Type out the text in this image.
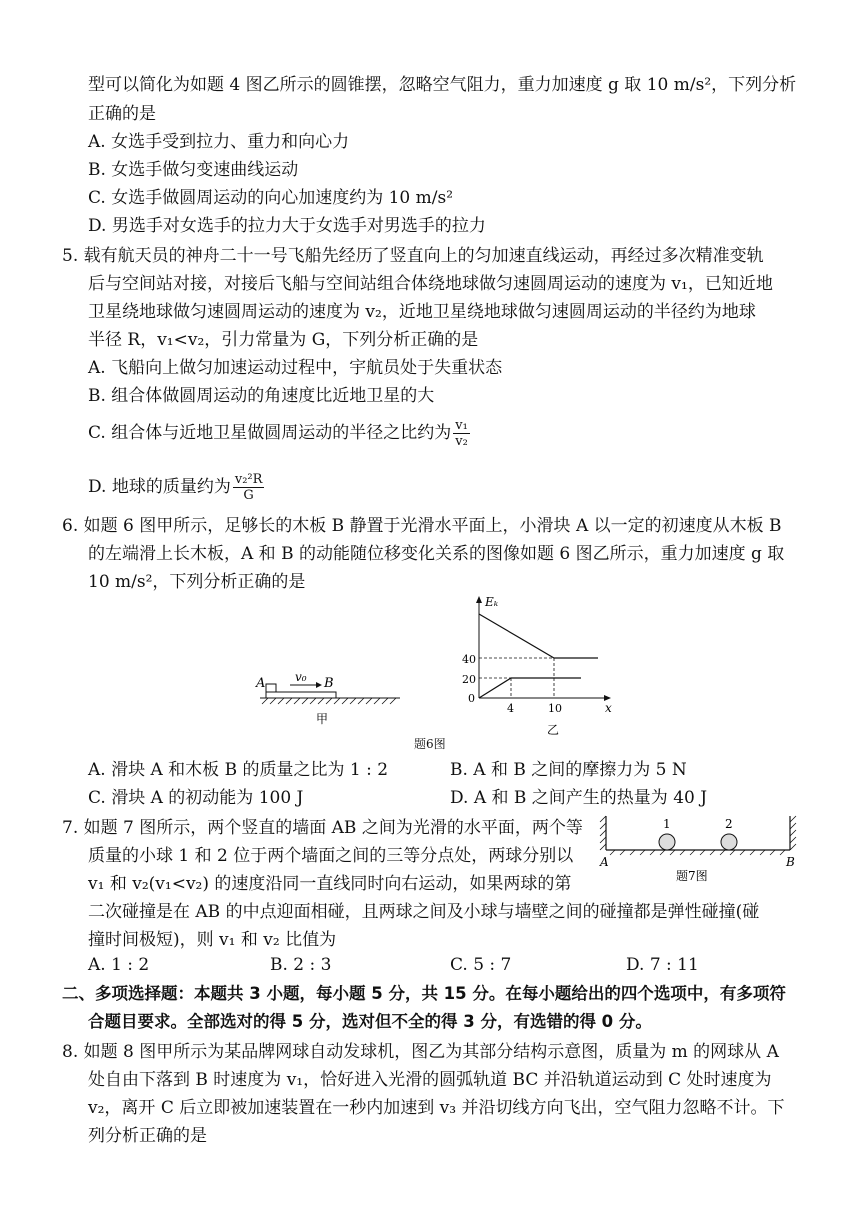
型可以简化为如题 4 图乙所示的圆锥摆，忽略空气阻力，重力加速度 g 取 10 m/s²，下列分析
正确的是
A. 女选手受到拉力、重力和向心力
B. 女选手做匀变速曲线运动
C. 女选手做圆周运动的向心加速度约为 10 m/s²
D. 男选手对女选手的拉力大于女选手对男选手的拉力
5. 载有航天员的神舟二十一号飞船先经历了竖直向上的匀加速直线运动，再经过多次精准变轨
后与空间站对接，对接后飞船与空间站组合体绕地球做匀速圆周运动的速度为 v₁，已知近地
卫星绕地球做匀速圆周运动的速度为 v₂，近地卫星绕地球做匀速圆周运动的半径约为地球
半径 R，v₁<v₂，引力常量为 G，下列分析正确的是
A. 飞船向上做匀加速运动过程中，宇航员处于失重状态
B. 组合体做圆周运动的角速度比近地卫星的大
C. 组合体与近地卫星做圆周运动的半径之比约为 $\frac{\text{v₁}}{\text{v₂}}$
D. 地球的质量约为 $\frac{\text{v₂²R}}{G}$
6. 如题 6 图甲所示，足够长的木板 B 静置于光滑水平面上，小滑块 A 以一定的初速度从木板 B
的左端滑上长木板，A 和 B 的动能随位移变化关系的图像如题 6 图乙所示，重力加速度 g 取
10 m/s²，下列分析正确的是
A v₀ B
甲
Eₖ
x
0
40
20
4	10
乙
题6图
A. 滑块 A 和木板 B 的质量之比为 1 : 2	B. A 和 B 之间的摩擦力为 5 N
C. 滑块 A 的初动能为 100 J	D. A 和 B 之间产生的热量为 40 J
7. 如题 7 图所示，两个竖直的墙面 AB 之间为光滑的水平面，两个等
质量的小球 1 和 2 位于两个墙面之间的三等分点处，两球分别以
v₁ 和 v₂(v₁<v₂) 的速度沿同一直线同时向右运动，如果两球的第
二次碰撞是在 AB 的中点迎面相碰，且两球之间及小球与墙壁之间的碰撞都是弹性碰撞(碰
撞时间极短)，则 v₁ 和 v₂ 比值为
1	2
A	B
题7图
A. 1 : 2	B. 2 : 3	C. 5 : 7	D. 7 : 11
二、多项选择题：本题共 3 小题，每小题 5 分，共 15 分。在每小题给出的四个选项中，有多项符
合题目要求。全部选对的得 5 分，选对但不全的得 3 分，有选错的得 0 分。
8. 如题 8 图甲所示为某品牌网球自动发球机，图乙为其部分结构示意图，质量为 m 的网球从 A
处自由下落到 B 时速度为 v₁，恰好进入光滑的圆弧轨道 BC 并沿轨道运动到 C 处时速度为
v₂，离开 C 后立即被加速装置在一秒内加速到 v₃ 并沿切线方向飞出，空气阻力忽略不计。下
列分析正确的是
